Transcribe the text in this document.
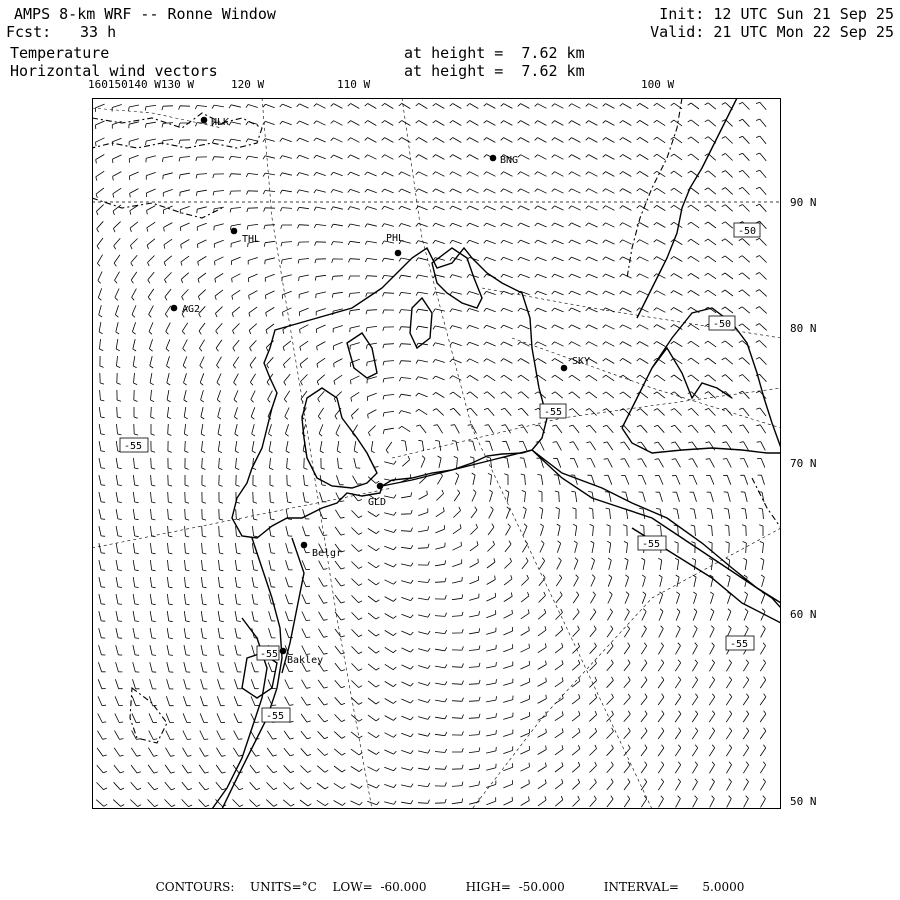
AMPS 8-km WRF -- Ronne Window
Fcst: 33 h
Init: 12 UTC Sun 21 Sep 25
Valid: 21 UTC Mon 22 Sep 25
Temperature
Horizontal wind vectors
at height =  7.62 km
at height =  7.62 km
160150140 W130 W	120 W	110 W	100 W
90 N
80 N
70 N
60 N
50 N
HLK
BNG
THL	PHL
AG2
SKY
GLD
Belgr
Bakley
-50
-50
-55
-55
-55
-55
-55
-55
CONTOURS:  UNITS=°C  LOW= -60.000     HIGH= -50.000     INTERVAL=   5.0000
